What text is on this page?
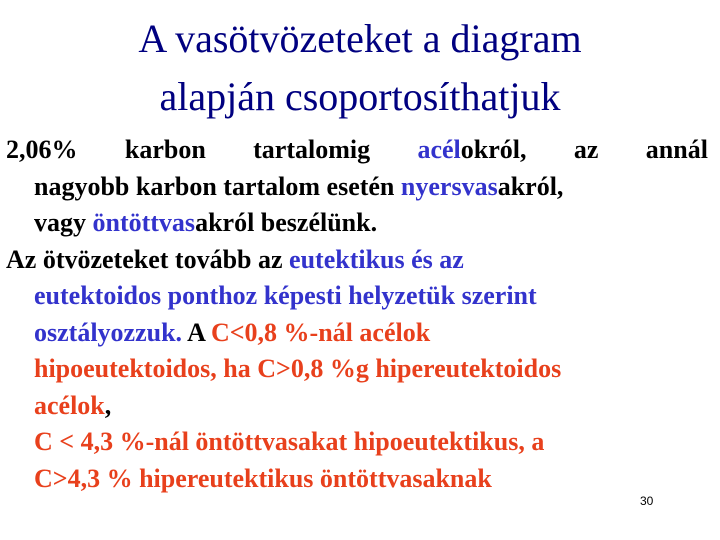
A vasötvözeteket a diagram
alapján csoportosíthatjuk
2,06% karbon tartalomig acélokról, az annál
nagyobb karbon tartalom esetén nyersvasakról,
vagy öntöttvasakról beszélünk.
Az ötvözeteket tovább az eutektikus és az
eutektoidos ponthoz képesti helyzetük szerint
osztályozzuk. A C<0,8 %-nál acélok
hipoeutektoidos, ha C>0,8 %g hipereutektoidos
acélok,
C < 4,3 %-nál öntöttvasakat hipoeutektikus, a
C>4,3 % hipereutektikus öntöttvasaknak
30
